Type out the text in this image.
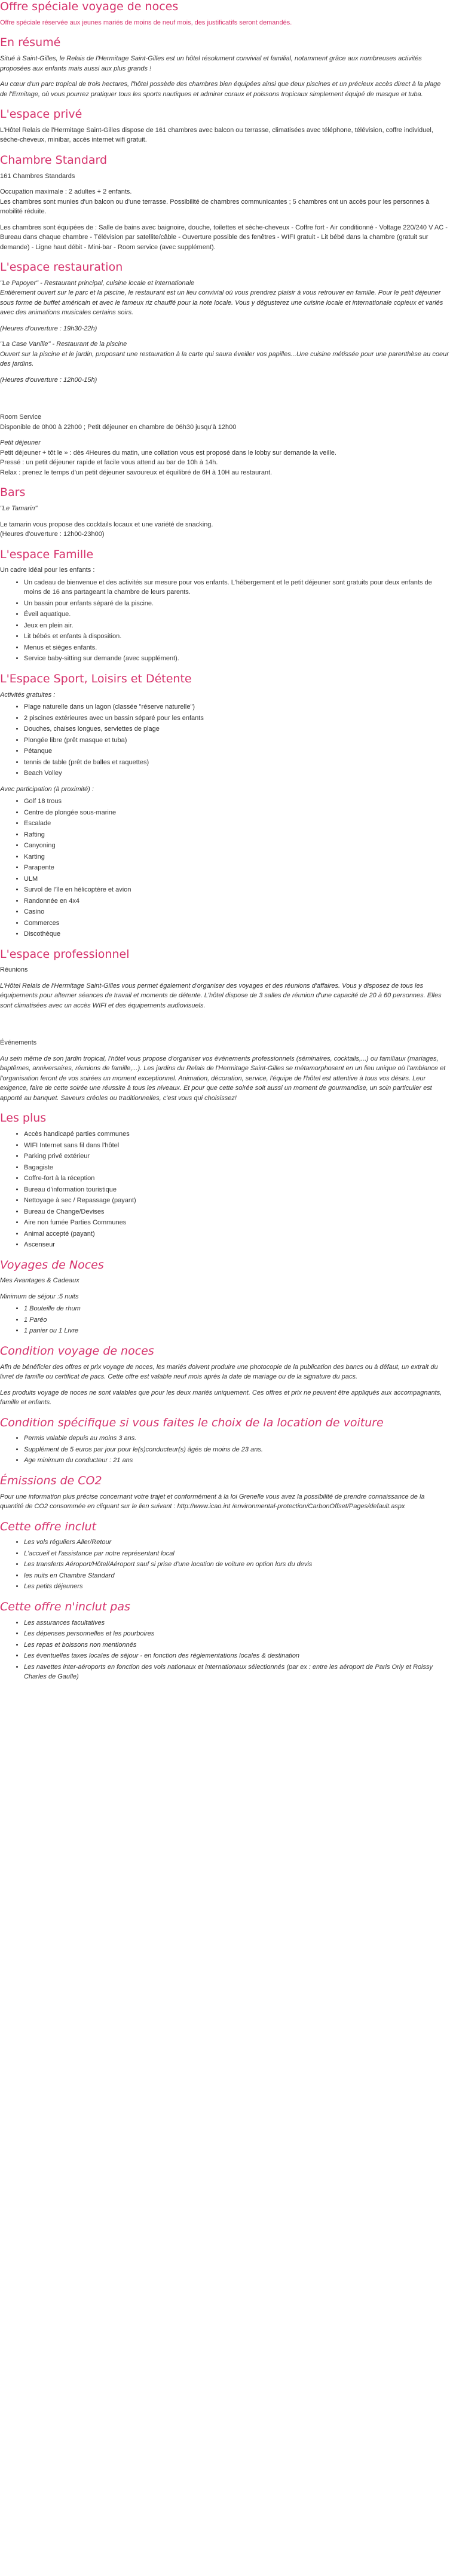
Offre spéciale voyage de noces

Offre spéciale réservée aux jeunes mariés de moins de neuf mois, des justificatifs seront demandés.

En résumé

Situé à Saint-Gilles, le Relais de l'Hermitage Saint-Gilles est un hôtel résolument convivial et familial, notamment grâce aux nombreuses activités proposées aux enfants mais aussi aux plus grands !

Au cœur d'un parc tropical de trois hectares, l'hôtel possède des chambres bien équipées ainsi que deux piscines et un précieux accès direct à la plage de l'Ermitage, où vous pourrez pratiquer tous les sports nautiques et admirer coraux et poissons tropicaux simplement équipé de masque et tuba.

L'espace privé

L'Hôtel Relais de l'Hermitage Saint-Gilles dispose de 161 chambres avec balcon ou terrasse, climatisées avec téléphone, télévision, coffre individuel, sèche-cheveux, minibar, accès internet wifi gratuit.

Chambre Standard

161 Chambres Standards

Occupation maximale : 2 adultes + 2 enfants.
Les chambres sont munies d'un balcon ou d'une terrasse. Possibilité de chambres communicantes ; 5 chambres ont un accès pour les personnes à mobilité réduite.

Les chambres sont équipées de : Salle de bains avec baignoire, douche, toilettes et sèche-cheveux - Coffre fort - Air conditionné - Voltage 220/240 V AC - Bureau dans chaque chambre - Télévision par satellite/câble - Ouverture possible des fenêtres - WIFI gratuit - Lit bébé dans la chambre (gratuit sur demande) - Ligne haut débit - Mini-bar - Room service (avec supplément).

L'espace restauration
"Le Papoyer" - Restaurant principal, cuisine locale et internationale

Entièrement ouvert sur le parc et la piscine, le restaurant est un lieu convivial où vous prendrez plaisir à vous retrouver en famille. Pour le petit déjeuner sous forme de buffet américain et avec le fameux riz chauffé pour la note locale. Vous y dégusterez une cuisine locale et internationale copieux et variés avec des animations musicales certains soirs.

(Heures d'ouverture : 19h30-22h)

"La Case Vanille" - Restaurant de la piscine

Ouvert sur la piscine et le jardin, proposant une restauration à la carte qui saura éveiller vos papilles...Une cuisine métissée pour une parenthèse au coeur des jardins.

(Heures d'ouverture : 12h00-15h)

Room Service

Disponible de 0h00 à 22h00 ; Petit déjeuner en chambre de 06h30 jusqu'à 12h00

Petit déjeuner
Petit déjeuner + tôt le » : dès 4Heures du matin, une collation vous est proposé dans le lobby sur demande la veille.
Pressé : un petit déjeuner rapide et facile vous attend au bar de 10h à 14h.

Relax : prenez le temps d'un petit déjeuner savoureux et équilibré de 6H à 10H au restaurant.

Bars

"Le Tamarin"

Le tamarin vous propose des cocktails locaux et une variété de snacking.

(Heures d'ouverture : 12h00-23h00)

L'espace Famille
Un cadre idéal pour les enfants :
• Un cadeau de bienvenue et des activités sur mesure pour vos enfants. L'hébergement et le petit déjeuner sont gratuits pour deux enfants de moins de 16 ans partageant la chambre de leurs parents.
• Un bassin pour enfants séparé de la piscine.
• Éveil aquatique.
• Jeux en plein air.
• Lit bébés et enfants à disposition.
• Menus et sièges enfants.
• Service baby-sitting sur demande (avec supplément).
L'Espace Sport, Loisirs et Détente
Activités gratuites :
• Plage naturelle dans un lagon (classée "réserve naturelle")
• 2 piscines extérieures avec un bassin séparé pour les enfants
• Douches, chaises longues, serviettes de plage
• Plongée libre (prêt masque et tuba)
• Pétanque
• tennis de table (prêt de balles et raquettes)
• Beach Volley
Avec participation (à proximité) :
• Golf 18 trous
• Centre de plongée sous-marine
• Escalade
• Rafting
• Canyoning
• Karting
• Parapente
• ULM
• Survol de l'île en hélicoptère et avion
• Randonnée en 4x4
• Casino
• Commerces
• Discothèque
L'espace professionnel

Réunions

L'Hôtel Relais de l'Hermitage Saint-Gilles vous permet également d'organiser des voyages et des réunions d'affaires. Vous y disposez de tous les équipements pour alterner séances de travail et moments de détente. L'hôtel dispose de 3 salles de réunion d'une capacité de 20 à 60 personnes. Elles sont climatisées avec un accès WIFI et des équipements audiovisuels.

Événements

Au sein même de son jardin tropical, l'hôtel vous propose d'organiser vos événements professionnels (séminaires, cocktails,...) ou familiaux (mariages, baptêmes, anniversaires, réunions de famille,...). Les jardins du Relais de l'Hermitage Saint-Gilles se métamorphosent en un lieu unique où l'ambiance et l'organisation feront de vos soirées un moment exceptionnel. Animation, décoration, service, l'équipe de l'hôtel est attentive à tous vos désirs. Leur exigence, faire de cette soirée une réussite à tous les niveaux. Et pour que cette soirée soit aussi un moment de gourmandise, un soin particulier est apporté au banquet. Saveurs créoles ou traditionnelles, c'est vous qui choisissez!

Les plus
• Accès handicapé parties communes
• WIFI Internet sans fil dans l'hôtel
• Parking privé extérieur
• Bagagiste
• Coffre-fort à la réception
• Bureau d'information touristique
• Nettoyage à sec / Repassage (payant)
• Bureau de Change/Devises
• Aire non fumée Parties Communes
• Animal accepté (payant)
• Ascenseur
Voyages de Noces

Mes Avantages & Cadeaux

Minimum de séjour :5 nuits
• 1 Bouteille de rhum
• 1 Paréo
• 1 panier ou 1 Livre
Condition voyage de noces

Afin de bénéficier des offres et prix voyage de noces, les mariés doivent produire une photocopie de la publication des bancs ou à défaut, un extrait du livret de famille ou certificat de pacs. Cette offre est valable neuf mois après la date de mariage ou de la signature du pacs.

Les produits voyage de noces ne sont valables que pour les deux mariés uniquement. Ces offres et prix ne peuvent être appliqués aux accompagnants, famille et enfants.

Condition spécifique si vous faites le choix de la location de voiture
• Permis valable depuis au moins 3 ans.
• Supplément de 5 euros par jour pour le(s)conducteur(s) âgés de moins de 23 ans.
• Age minimum du conducteur : 21 ans
Émissions de CO2

Pour une information plus précise concernant votre trajet et conformément à la loi Grenelle vous avez la possibilité de prendre connaissance de la quantité de CO2 consommée en cliquant sur le lien suivant : http://www.icao.int /environmental-protection/CarbonOffset/Pages/default.aspx

Cette offre inclut
• Les vols réguliers Aller/Retour
• L'accueil et l'assistance par notre représentant local
• Les transferts Aéroport/Hôtel/Aéroport sauf si prise d'une location de voiture en option lors du devis
• les nuits en Chambre Standard
• Les petits déjeuners
Cette offre n'inclut pas
• Les assurances facultatives
• Les dépenses personnelles et les pourboires
• Les repas et boissons non mentionnés
• Les éventuelles taxes locales de séjour - en fonction des réglementations locales & destination
• Les navettes inter-aéroports en fonction des vols nationaux et internationaux sélectionnés (par ex : entre les aéroport de Paris Orly et Roissy Charles de Gaulle)
